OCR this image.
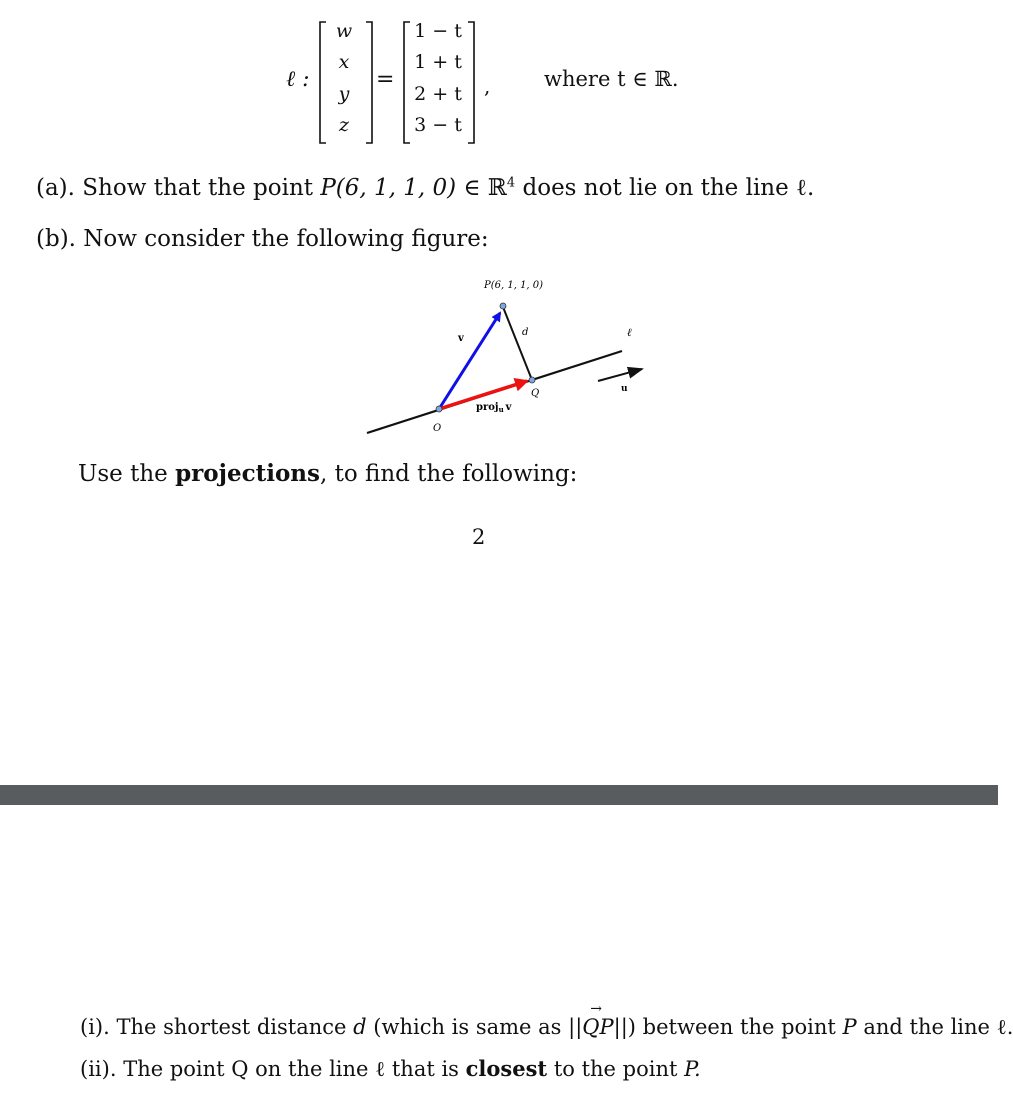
ℓ :
w
x
y
z
=
1 − t
1 + t
2 + t
3 − t
,	where t ∈ ℝ.
(a). Show that the point P(6, 1, 1, 0) ∈ ℝ$^4$ does not lie on the line ℓ.
(b). Now consider the following figure:
P(6, 1, 1, 0)
v
d	ℓ
u
Q
O
proj$_u$ v
Use the projections, to find the following:
2
(i). The shortest distance d (which is same as ||
→
QP||) between the point P and the line ℓ.
(ii). The point Q on the line ℓ that is closest to the point P.
